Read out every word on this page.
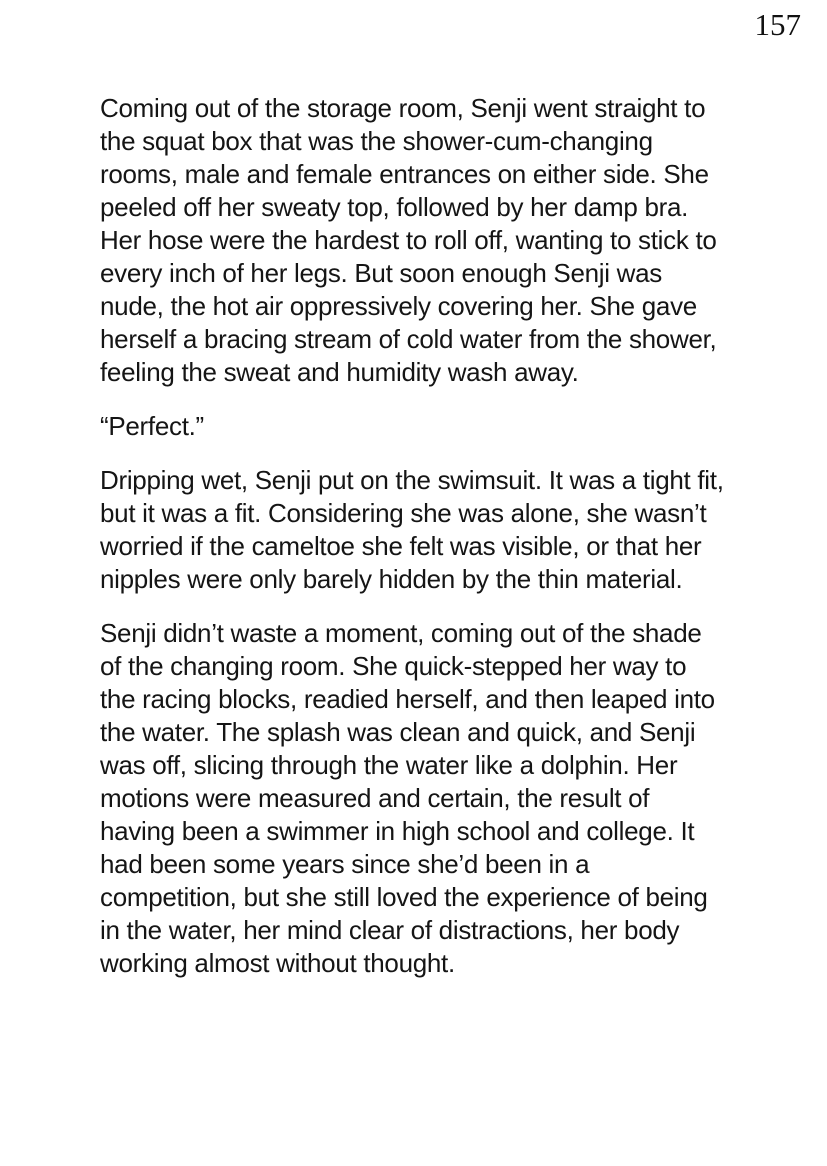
157

Coming out of the storage room, Senji went straight to the squat box that was the shower-cum-changing rooms, male and female entrances on either side. She peeled off her sweaty top, followed by her damp bra. Her hose were the hardest to roll off, wanting to stick to every inch of her legs. But soon enough Senji was nude, the hot air oppressively covering her. She gave herself a bracing stream of cold water from the shower, feeling the sweat and humidity wash away.

“Perfect.”

Dripping wet, Senji put on the swimsuit. It was a tight fit, but it was a fit. Considering she was alone, she wasn’t worried if the cameltoe she felt was visible, or that her nipples were only barely hidden by the thin material.

Senji didn’t waste a moment, coming out of the shade of the changing room. She quick-stepped her way to the racing blocks, readied herself, and then leaped into the water. The splash was clean and quick, and Senji was off, slicing through the water like a dolphin. Her motions were measured and certain, the result of having been a swimmer in high school and college. It had been some years since she’d been in a competition, but she still loved the experience of being in the water, her mind clear of distractions, her body working almost without thought.
